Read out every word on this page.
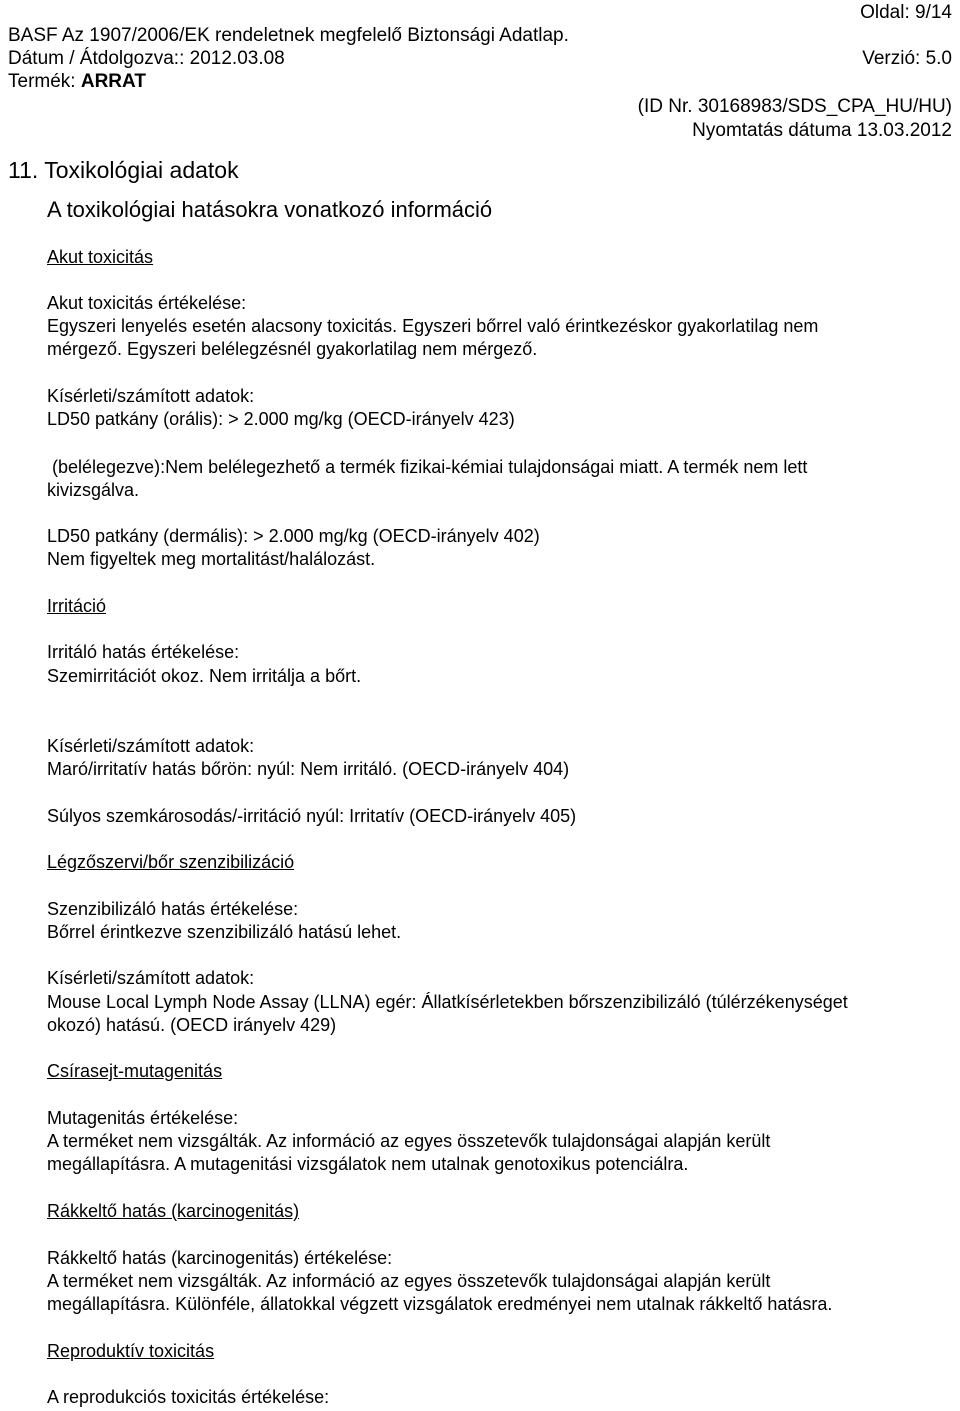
Oldal: 9/14
BASF Az 1907/2006/EK rendeletnek megfelelő Biztonsági Adatlap.
Dátum / Átdolgozva:: 2012.03.08	Verzió: 5.0
Termék: ARRAT
(ID Nr. 30168983/SDS_CPA_HU/HU)
Nyomtatás dátuma 13.03.2012
11. Toxikológiai adatok
A toxikológiai hatásokra vonatkozó információ
Akut toxicitás
Akut toxicitás értékelése:
Egyszeri lenyelés esetén alacsony toxicitás. Egyszeri bőrrel való érintkezéskor gyakorlatilag nem
mérgező. Egyszeri belélegzésnél gyakorlatilag nem mérgező.
Kísérleti/számított adatok:
LD50 patkány (orális): > 2.000 mg/kg (OECD-irányelv 423)
(belélegezve):Nem belélegezhető a termék fizikai-kémiai tulajdonságai miatt. A termék nem lett
kivizsgálva.
LD50 patkány (dermális): > 2.000 mg/kg (OECD-irányelv 402)
Nem figyeltek meg mortalitást/halálozást.
Irritáció
Irritáló hatás értékelése:
Szemirritációt okoz. Nem irritálja a bőrt.
Kísérleti/számított adatok:
Maró/irritatív hatás bőrön: nyúl: Nem irritáló. (OECD-irányelv 404)
Súlyos szemkárosodás/-irritáció nyúl: Irritatív (OECD-irányelv 405)
Légzőszervi/bőr szenzibilizáció
Szenzibilizáló hatás értékelése:
Bőrrel érintkezve szenzibilizáló hatású lehet.
Kísérleti/számított adatok:
Mouse Local Lymph Node Assay (LLNA) egér: Állatkísérletekben bőrszenzibilizáló (túlérzékenységet
okozó) hatású. (OECD irányelv 429)
Csírasejt-mutagenitás
Mutagenitás értékelése:
A terméket nem vizsgálták. Az információ az egyes összetevők tulajdonságai alapján került
megállapításra. A mutagenitási vizsgálatok nem utalnak genotoxikus potenciálra.
Rákkeltő hatás (karcinogenitás)
Rákkeltő hatás (karcinogenitás) értékelése:
A terméket nem vizsgálták. Az információ az egyes összetevők tulajdonságai alapján került
megállapításra. Különféle, állatokkal végzett vizsgálatok eredményei nem utalnak rákkeltő hatásra.
Reproduktív toxicitás
A reprodukciós toxicitás értékelése:
